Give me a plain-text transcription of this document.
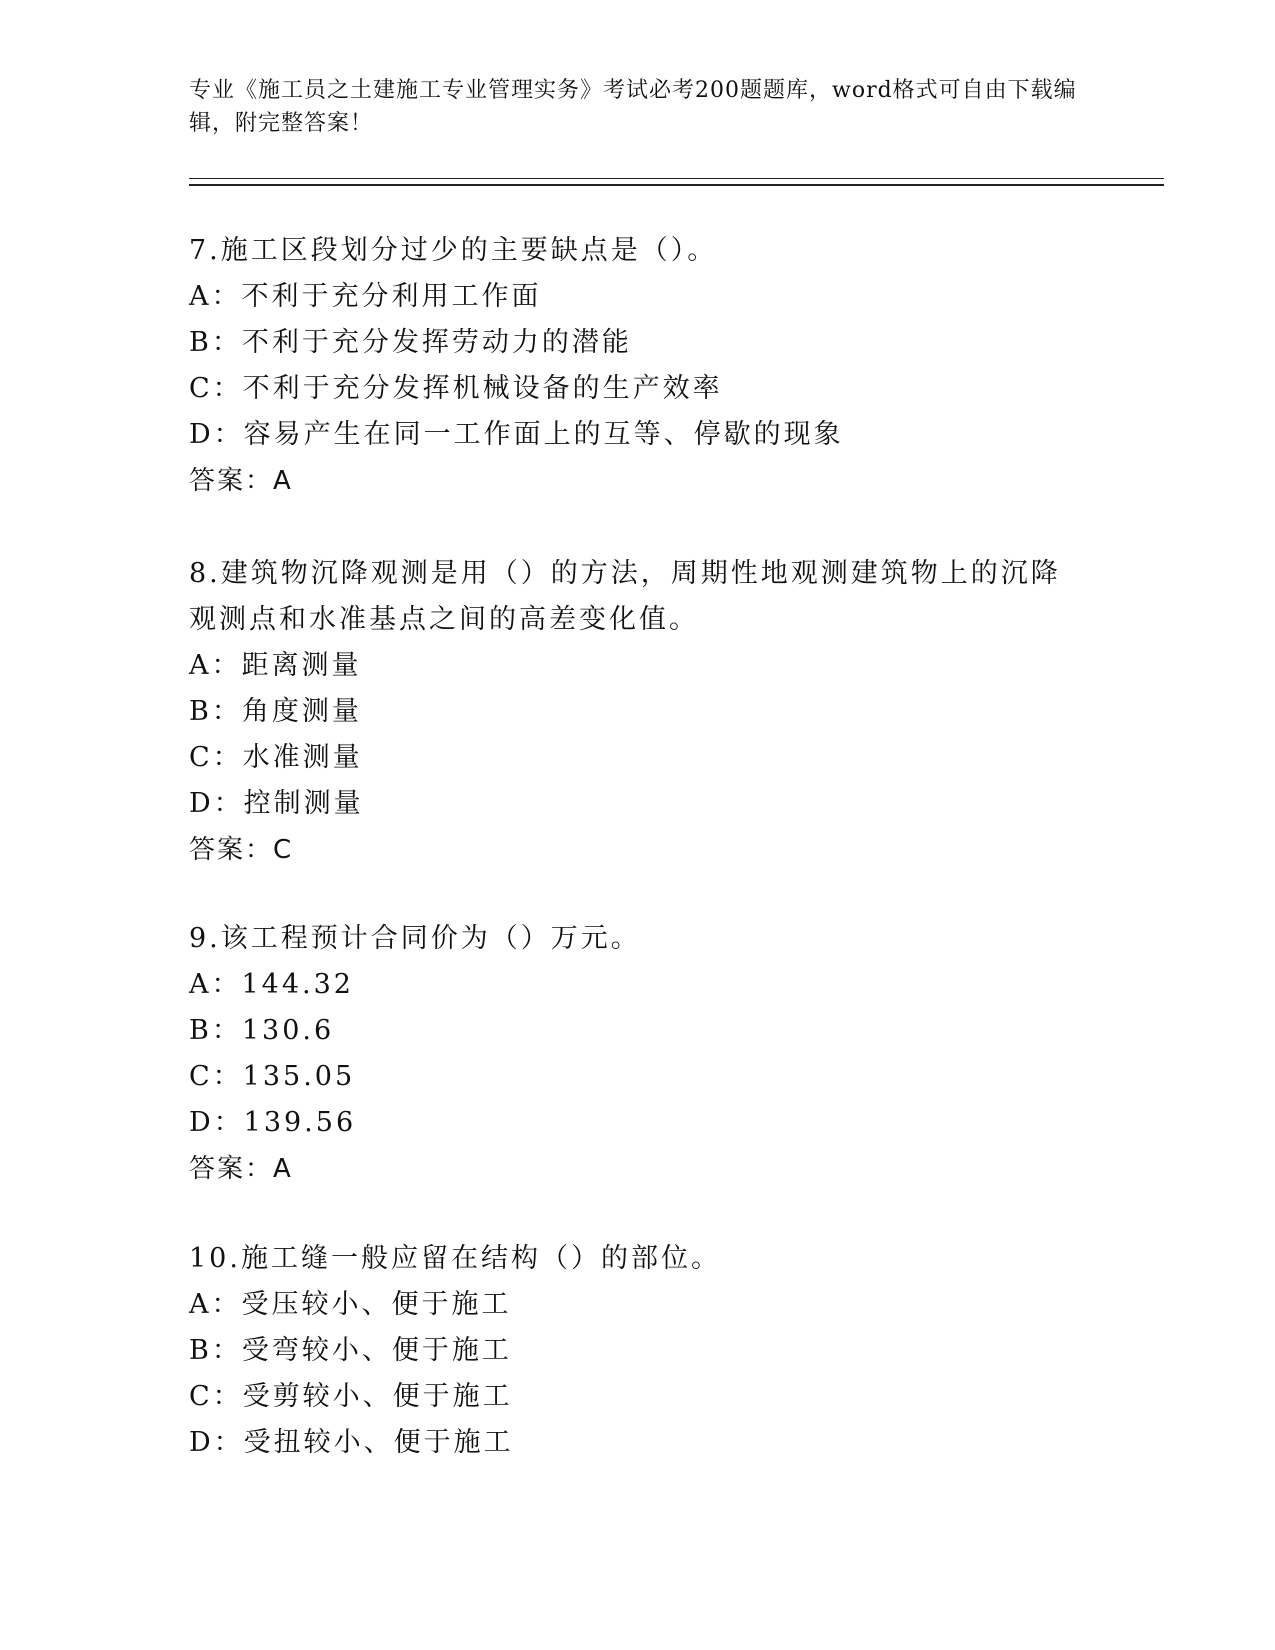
专业《施工员之土建施工专业管理实务》考试必考200题题库，word格式可自由下载编辑，附完整答案！
7.施工区段划分过少的主要缺点是（）。
A：不利于充分利用工作面
B：不利于充分发挥劳动力的潜能
C：不利于充分发挥机械设备的生产效率
D：容易产生在同一工作面上的互等、停歇的现象
答案：A
8.建筑物沉降观测是用（）的方法，周期性地观测建筑物上的沉降观测点和水准基点之间的高差变化值。
A：距离测量
B：角度测量
C：水准测量
D：控制测量
答案：C
9.该工程预计合同价为（）万元。
A：144.32
B：130.6
C：135.05
D：139.56
答案：A
10.施工缝一般应留在结构（）的部位。
A：受压较小、便于施工
B：受弯较小、便于施工
C：受剪较小、便于施工
D：受扭较小、便于施工
